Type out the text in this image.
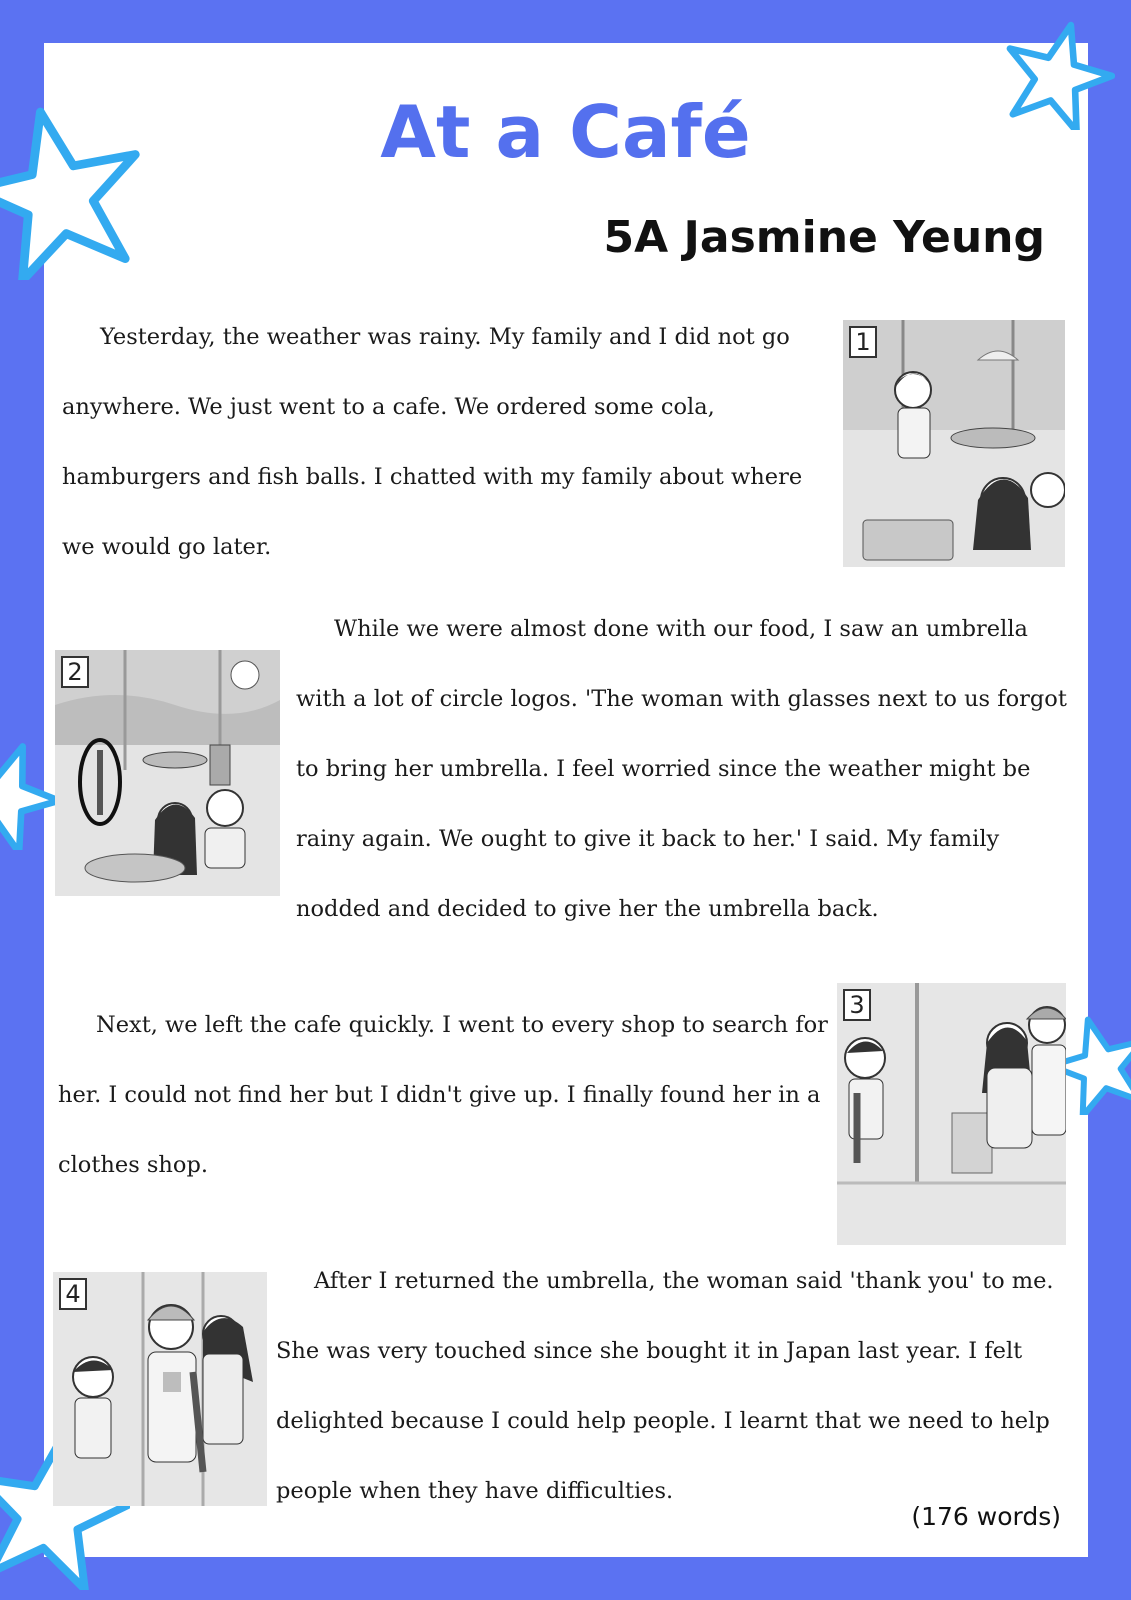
At a Café
5A Jasmine Yeung
1
2
3
4

Yesterday, the weather was rainy. My family and I did not go anywhere. We just went to a cafe. We ordered some cola, hamburgers and fish balls. I chatted with my family about where we would go later.

While we were almost done with our food, I saw an umbrella with a lot of circle logos. 'The woman with glasses next to us forgot to bring her umbrella. I feel worried since the weather might be rainy again. We ought to give it back to her.' I said. My family nodded and decided to give her the umbrella back.

Next, we left the cafe quickly. I went to every shop to search for her. I could not find her but I didn't give up. I finally found her in a clothes shop.

After I returned the umbrella, the woman said 'thank you' to me. She was very touched since she bought it in Japan last year. I felt delighted because I could help people. I learnt that we need to help people when they have difficulties.

(176 words)
